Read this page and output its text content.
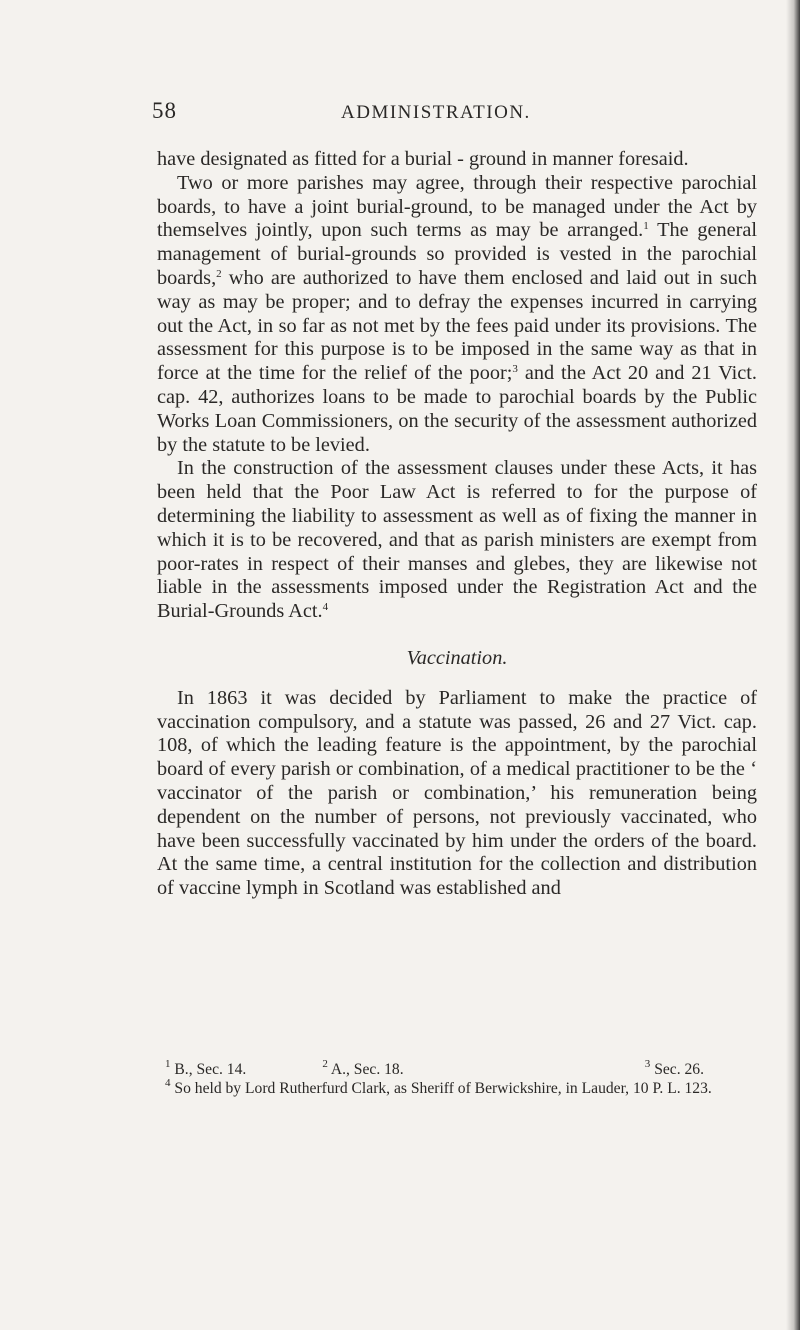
58	ADMINISTRATION.

have designated as fitted for a burial - ground in manner foresaid.

Two or more parishes may agree, through their respective parochial boards, to have a joint burial-ground, to be managed under the Act by themselves jointly, upon such terms as may be arranged.$^1$ The general management of burial-grounds so provided is vested in the parochial boards,$^2$ who are authorized to have them enclosed and laid out in such way as may be proper; and to defray the expenses incurred in carrying out the Act, in so far as not met by the fees paid under its provisions. The assessment for this purpose is to be imposed in the same way as that in force at the time for the relief of the poor;$^3$ and the Act 20 and 21 Vict. cap. 42, authorizes loans to be made to parochial boards by the Public Works Loan Commissioners, on the security of the assessment authorized by the statute to be levied.

In the construction of the assessment clauses under these Acts, it has been held that the Poor Law Act is referred to for the purpose of determining the liability to assessment as well as of fixing the manner in which it is to be recovered, and that as parish ministers are exempt from poor-rates in respect of their manses and glebes, they are likewise not liable in the assessments imposed under the Registration Act and the Burial-Grounds Act.$^4$

Vaccination.

In 1863 it was decided by Parliament to make the practice of vaccination compulsory, and a statute was passed, 26 and 27 Vict. cap. 108, of which the leading feature is the appointment, by the parochial board of every parish or combination, of a medical practitioner to be the ‘ vaccinator of the parish or combination,’ his remuneration being dependent on the number of persons, not previously vaccinated, who have been successfully vaccinated by him under the orders of the board. At the same time, a central institution for the collection and distribution of vaccine lymph in Scotland was established and

$^1$ B., Sec. 14.	$^2$ A., Sec. 18.	$^3$ Sec. 26.

$^4$ So held by Lord Rutherfurd Clark, as Sheriff of Berwickshire, in Lauder, 10 P. L. 123.
